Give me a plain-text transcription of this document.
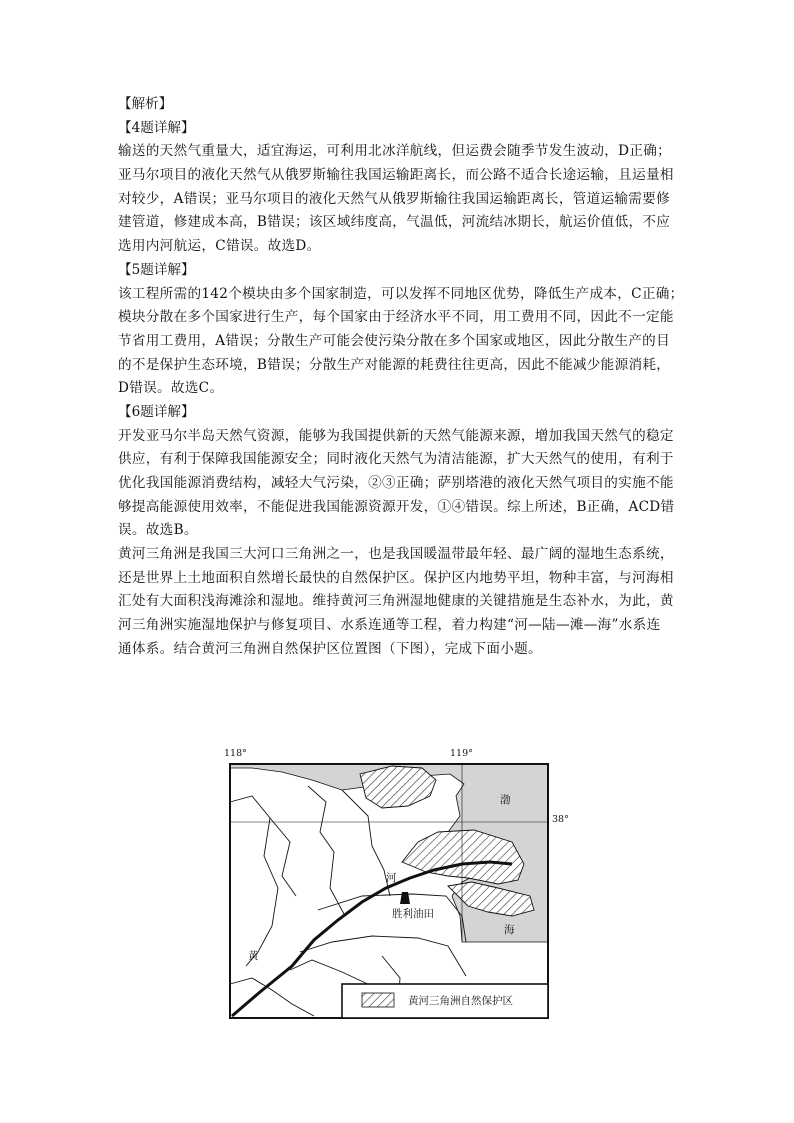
【解析】
【4题详解】
输送的天然气重量大，适宜海运，可利用北冰洋航线，但运费会随季节发生波动，D正确；
亚马尔项目的液化天然气从俄罗斯输往我国运输距离长，而公路不适合长途运输，且运量相
对较少，A错误；亚马尔项目的液化天然气从俄罗斯输往我国运输距离长，管道运输需要修
建管道，修建成本高，B错误；该区域纬度高，气温低，河流结冰期长，航运价值低，不应
选用内河航运，C错误。故选D。
【5题详解】
该工程所需的142个模块由多个国家制造，可以发挥不同地区优势，降低生产成本，C正确；
模块分散在多个国家进行生产，每个国家由于经济水平不同，用工费用不同，因此不一定能
节省用工费用，A错误；分散生产可能会使污染分散在多个国家或地区，因此分散生产的目
的不是保护生态环境，B错误；分散生产对能源的耗费往往更高，因此不能减少能源消耗，
D错误。故选C。
【6题详解】
开发亚马尔半岛天然气资源，能够为我国提供新的天然气能源来源，增加我国天然气的稳定
供应，有利于保障我国能源安全；同时液化天然气为清洁能源，扩大天然气的使用，有利于
优化我国能源消费结构，减轻大气污染，②③正确；萨别塔港的液化天然气项目的实施不能
够提高能源使用效率，不能促进我国能源资源开发，①④错误。综上所述，B正确，ACD错
误。故选B。
黄河三角洲是我国三大河口三角洲之一，也是我国暖温带最年轻、最广阔的湿地生态系统，
还是世界上土地面积自然增长最快的自然保护区。保护区内地势平坦，物种丰富，与河海相
汇处有大面积浅海滩涂和湿地。维持黄河三角洲湿地健康的关键措施是生态补水，为此，黄
河三角洲实施湿地保护与修复项目、水系连通等工程，着力构建“河—陆—滩—海”水系连
通体系。结合黄河三角洲自然保护区位置图（下图），完成下面小题。
118°	119°
38°
渤
海
河
黄
胜利油田
黄河三角洲自然保护区
